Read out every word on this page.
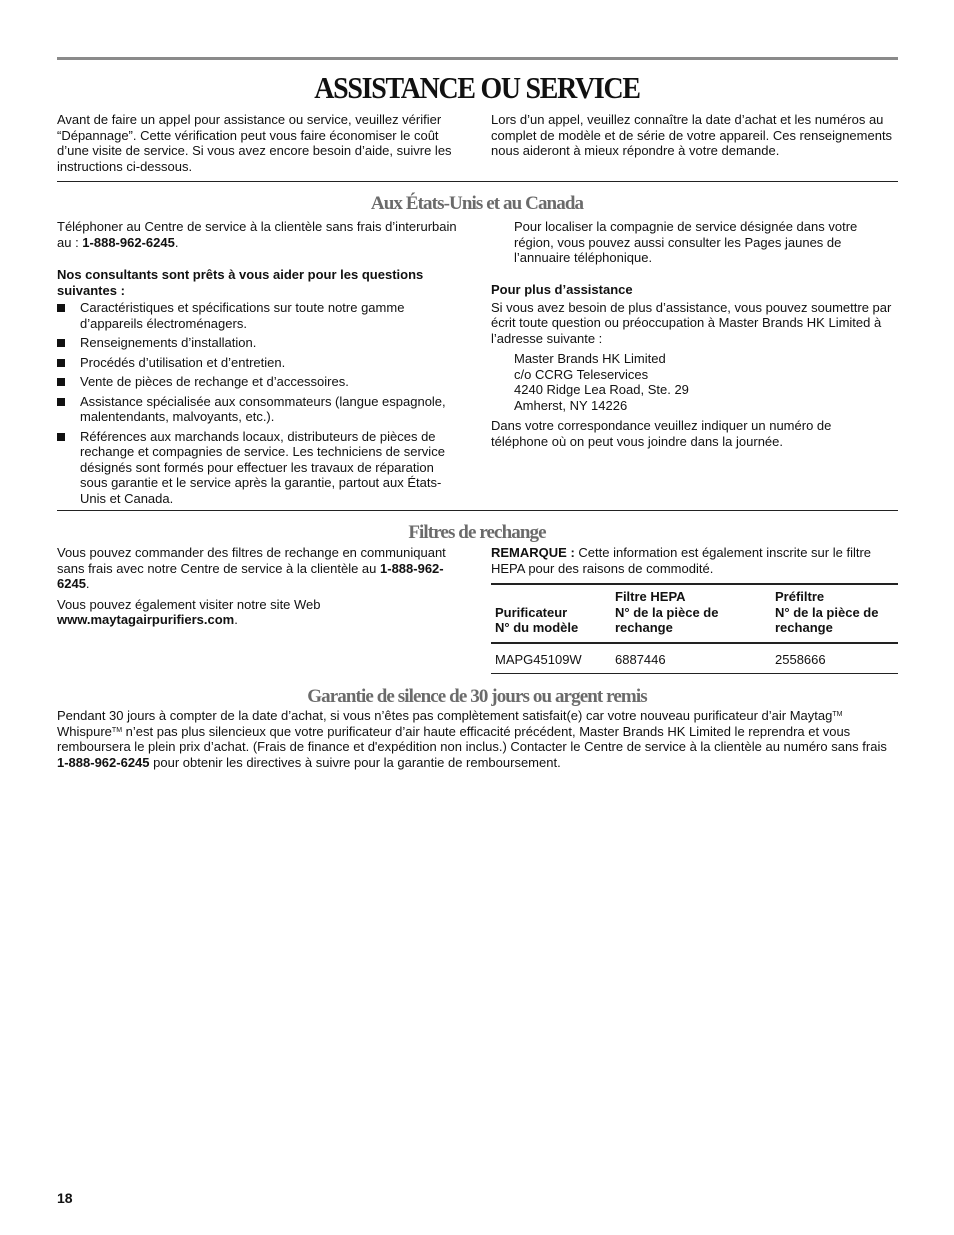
ASSISTANCE OU SERVICE

Avant de faire un appel pour assistance ou service, veuillez vérifier “Dépannage”. Cette vérification peut vous faire économiser le coût d’une visite de service. Si vous avez encore besoin d’aide, suivre les instructions ci-dessous.

Lors d’un appel, veuillez connaître la date d’achat et les numéros au complet de modèle et de série de votre appareil. Ces renseignements nous aideront à mieux répondre à votre demande.

Aux États-Unis et au Canada

Téléphoner au Centre de service à la clientèle sans frais d’interurbain au : 1-888-962-6245.

Nos consultants sont prêts à vous aider pour les questions suivantes :

Caractéristiques et spécifications sur toute notre gamme d’appareils électroménagers.
Renseignements d’installation.
Procédés d’utilisation et d’entretien.
Vente de pièces de rechange et d’accessoires.
Assistance spécialisée aux consommateurs (langue espagnole, malentendants, malvoyants, etc.).
Références aux marchands locaux, distributeurs de pièces de rechange et compagnies de service. Les techniciens de service désignés sont formés pour effectuer les travaux de réparation sous garantie et le service après la garantie, partout aux États-Unis et Canada.

Pour localiser la compagnie de service désignée dans votre région, vous pouvez aussi consulter les Pages jaunes de l’annuaire téléphonique.

Pour plus d’assistance

Si vous avez besoin de plus d’assistance, vous pouvez soumettre par écrit toute question ou préoccupation à Master Brands HK Limited à l’adresse suivante :

Master Brands HK Limited

c/o CCRG Teleservices

4240 Ridge Lea Road, Ste. 29

Amherst, NY 14226

Dans votre correspondance veuillez indiquer un numéro de téléphone où on peut vous joindre dans la journée.

Filtres de rechange

Vous pouvez commander des filtres de rechange en communiquant sans frais avec notre Centre de service à la clientèle au 1-888-962-6245.

Vous pouvez également visiter notre site Web

www.maytagairpurifiers.com.

REMARQUE : Cette information est également inscrite sur le filtre HEPA pour des raisons de commodité.

Purificateur
N° du modèle	Filtre HEPA
N° de la pièce de
rechange	Préfiltre
N° de la pièce de
rechange
MAPG45109W	6887446	2558666
Garantie de silence de 30 jours ou argent remis

Pendant 30 jours à compter de la date d’achat, si vous n’êtes pas complètement satisfait(e) car votre nouveau purificateur d’air Maytag™ Whispure™ n’est pas plus silencieux que votre purificateur d’air haute efficacité précédent, Master Brands HK Limited le reprendra et vous remboursera le plein prix d’achat. (Frais de finance et d'expédition non inclus.) Contacter le Centre de service à la clientèle au numéro sans frais 1-888-962-6245 pour obtenir les directives à suivre pour la garantie de remboursement.

18
